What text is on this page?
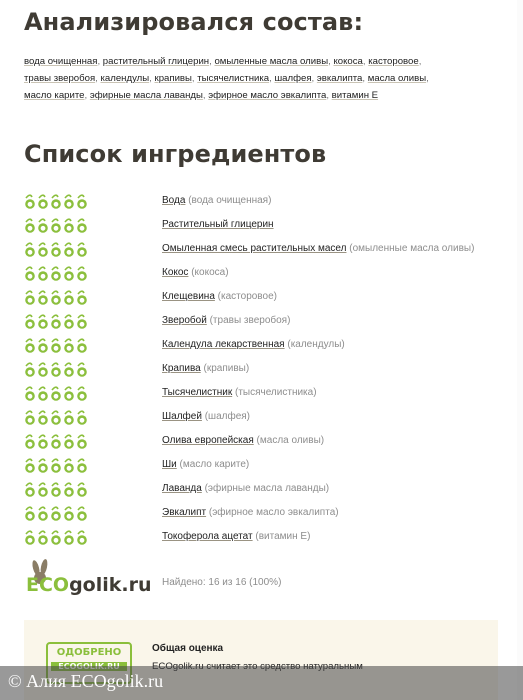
Анализировался состав:
вода очищенная, растительный глицерин, омыленные масла оливы, кокоса, касторовое, травы зверобоя, календулы, крапивы, тысячелистника, шалфея, эвкалипта, масла оливы, масло карите, эфирные масла лаванды, эфирное масло эвкалипта, витамин Е
Список ингредиентов
Вода (вода очищенная)
Растительный глицерин
Омыленная смесь растительных масел (омыленные масла оливы)
Кокос (кокоса)
Клещевина (касторовое)
Зверобой (травы зверобоя)
Календула лекарственная (календулы)
Крапива (крапивы)
Тысячелистник (тысячелистника)
Шалфей (шалфея)
Олива европейская (масла оливы)
Ши (масло карите)
Лаванда (эфирные масла лаванды)
Эвкалипт (эфирное масло эвкалипта)
Токоферола ацетат (витамин Е)
ECOgolik.ru Найдено: 16 из 16 (100%)
ОДОБРЕНО	Общая оценка
© Алия ECOgolik.ru
